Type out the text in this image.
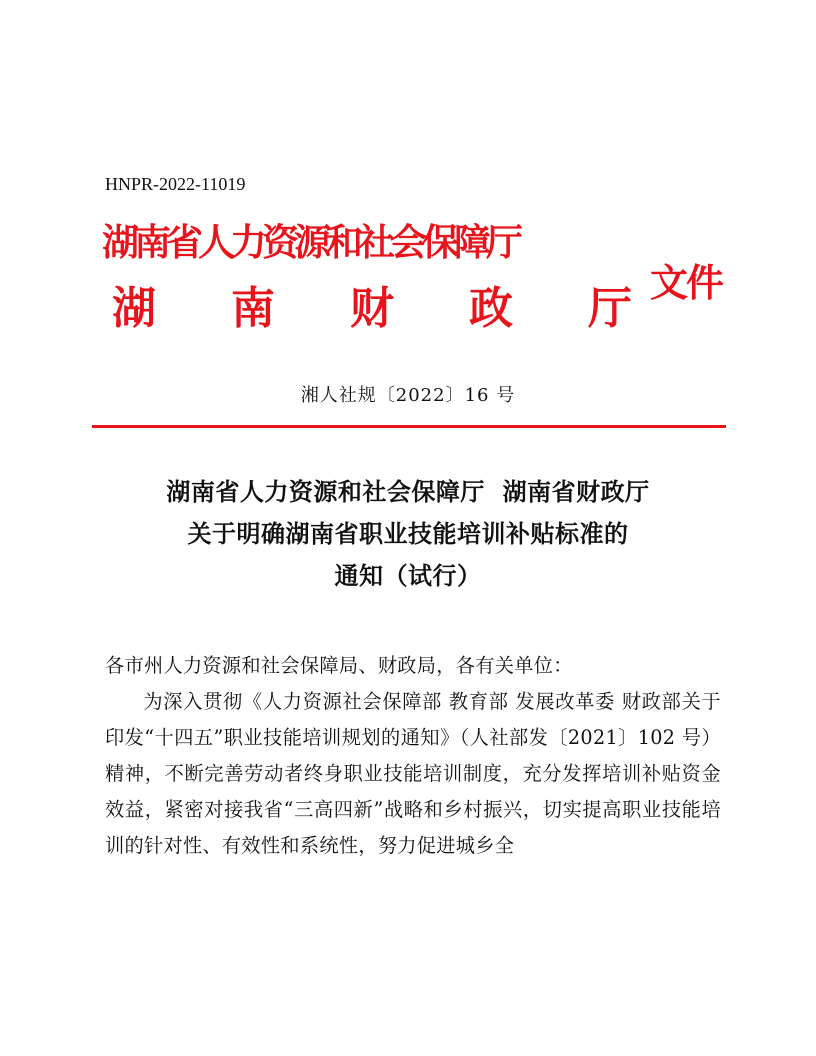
HNPR-2022-11019
湖南省人力资源和社会保障厅
湖 南 财 政 厅 文件
湘人社规〔2022〕16 号
湖南省人力资源和社会保障厅  湖南省财政厅
关于明确湖南省职业技能培训补贴标准的
通知（试行）

各市州人力资源和社会保障局、财政局，各有关单位：

为深入贯彻《人力资源社会保障部 教育部 发展改革委 财政部关于印发“十四五”职业技能培训规划的通知》（人社部发〔2021〕102 号）精神，不断完善劳动者终身职业技能培训制度，充分发挥培训补贴资金效益，紧密对接我省“三高四新”战略和乡村振兴，切实提高职业技能培训的针对性、有效性和系统性，努力促进城乡全
